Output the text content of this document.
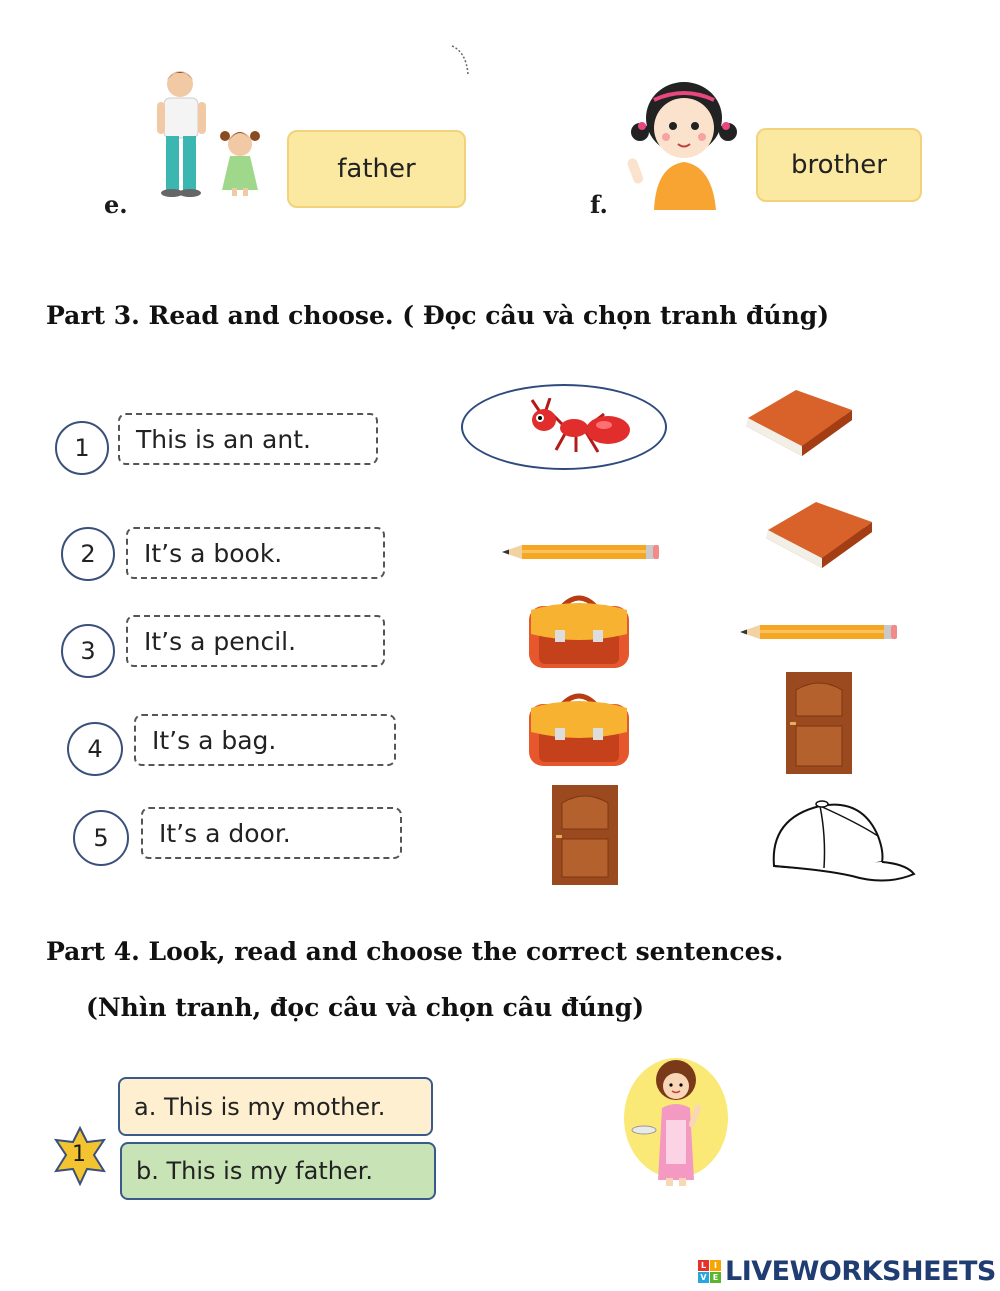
e.
father
f.
brother
Part 3. Read and choose. ( Đọc câu và chọn tranh đúng)
1	This is an ant.
2	It’s a book.
3	It’s a pencil.
4	It’s a bag.
5	It’s a door.
Part 4. Look, read and choose the correct sentences.
(Nhìn tranh, đọc câu và chọn câu đúng)
1
a. This is my mother.
b. This is my father.
L I
V E LIVEWORKSHEETS
